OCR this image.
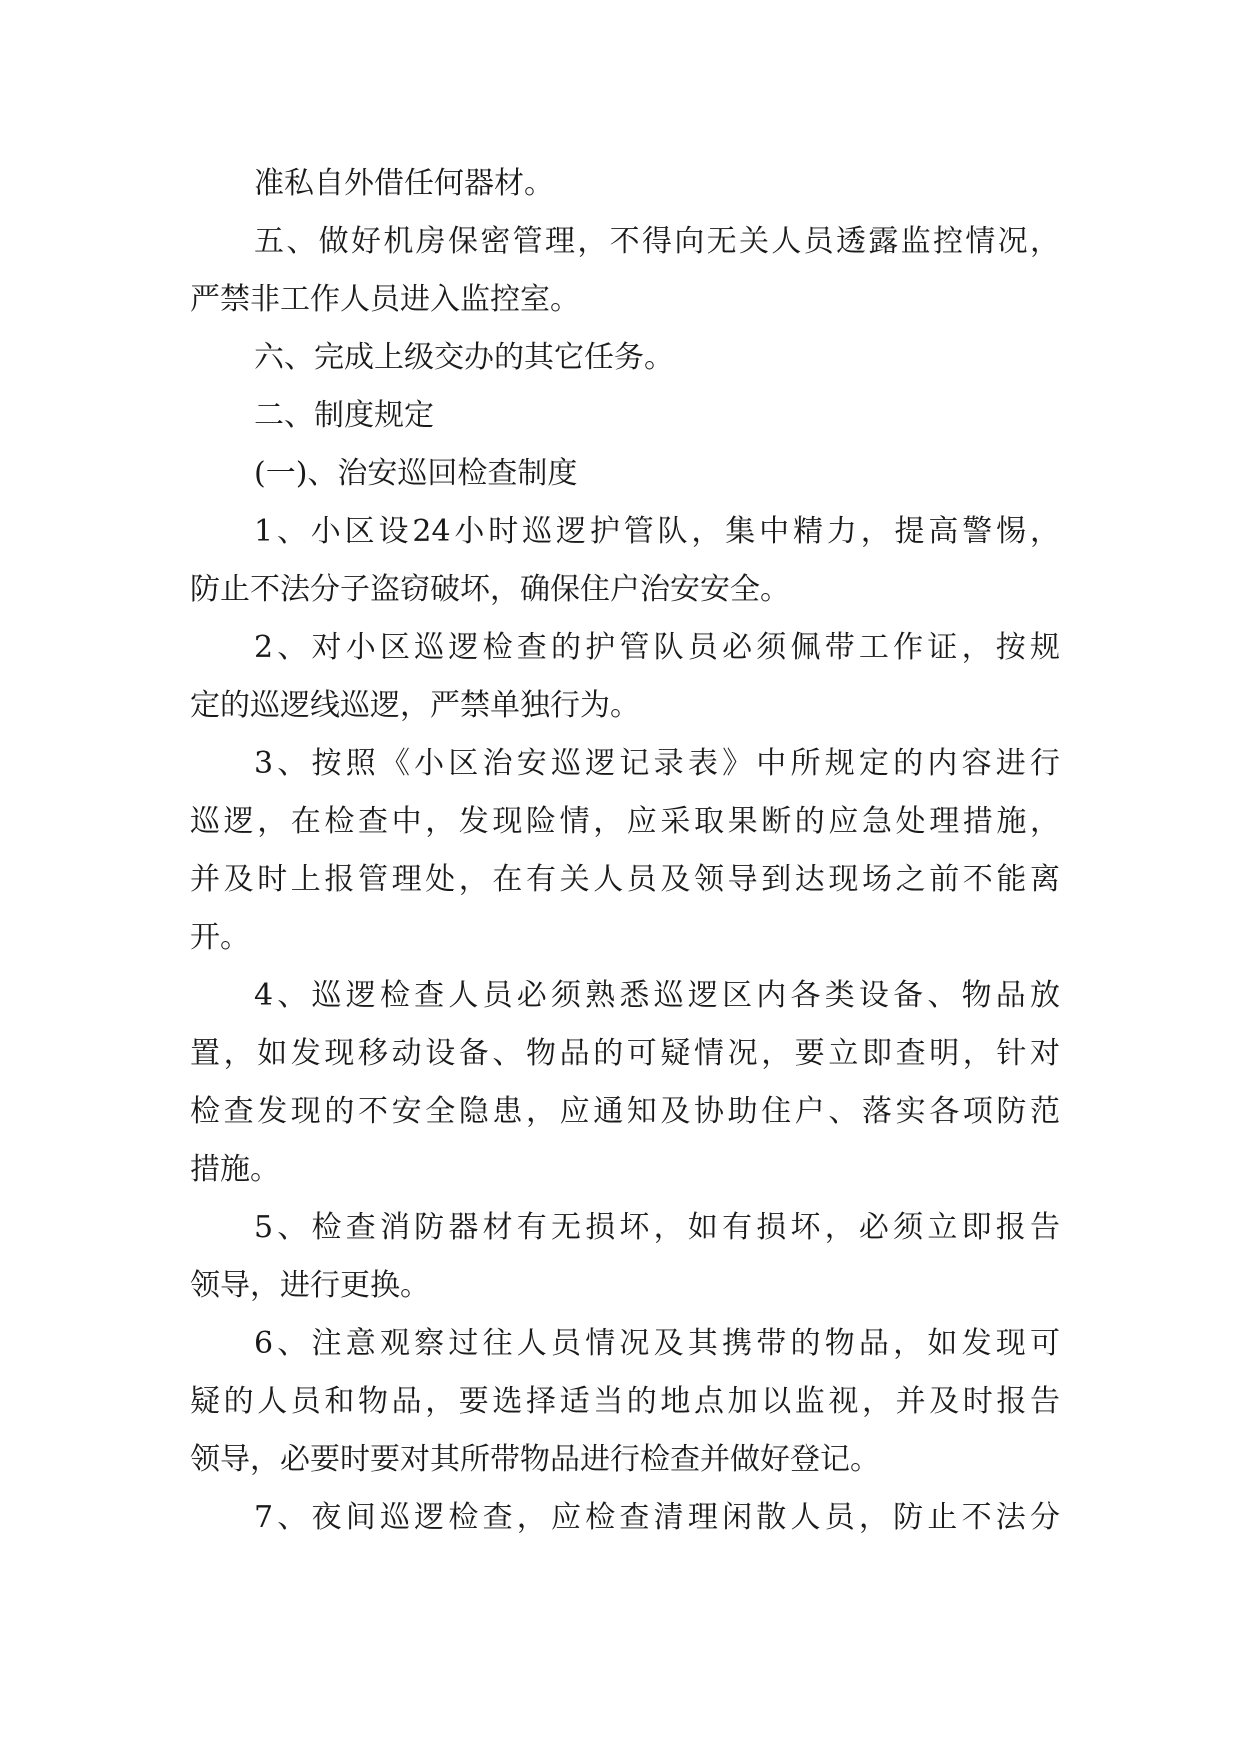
准私自外借任何器材。
五、做好机房保密管理，不得向无关人员透露监控情况，
严禁非工作人员进入监控室。
六、完成上级交办的其它任务。
二、制度规定
(一)、治安巡回检查制度
1、小区设24小时巡逻护管队，集中精力，提高警惕，
防止不法分子盗窃破坏，确保住户治安安全。
2、对小区巡逻检查的护管队员必须佩带工作证，按规
定的巡逻线巡逻，严禁单独行为。
3、按照《小区治安巡逻记录表》中所规定的内容进行
巡逻，在检查中，发现险情，应采取果断的应急处理措施，
并及时上报管理处，在有关人员及领导到达现场之前不能离
开。
4、巡逻检查人员必须熟悉巡逻区内各类设备、物品放
置，如发现移动设备、物品的可疑情况，要立即查明，针对
检查发现的不安全隐患，应通知及协助住户、落实各项防范
措施。
5、检查消防器材有无损坏，如有损坏，必须立即报告
领导，进行更换。
6、注意观察过往人员情况及其携带的物品，如发现可
疑的人员和物品，要选择适当的地点加以监视，并及时报告
领导，必要时要对其所带物品进行检查并做好登记。
7、夜间巡逻检查，应检查清理闲散人员，防止不法分
